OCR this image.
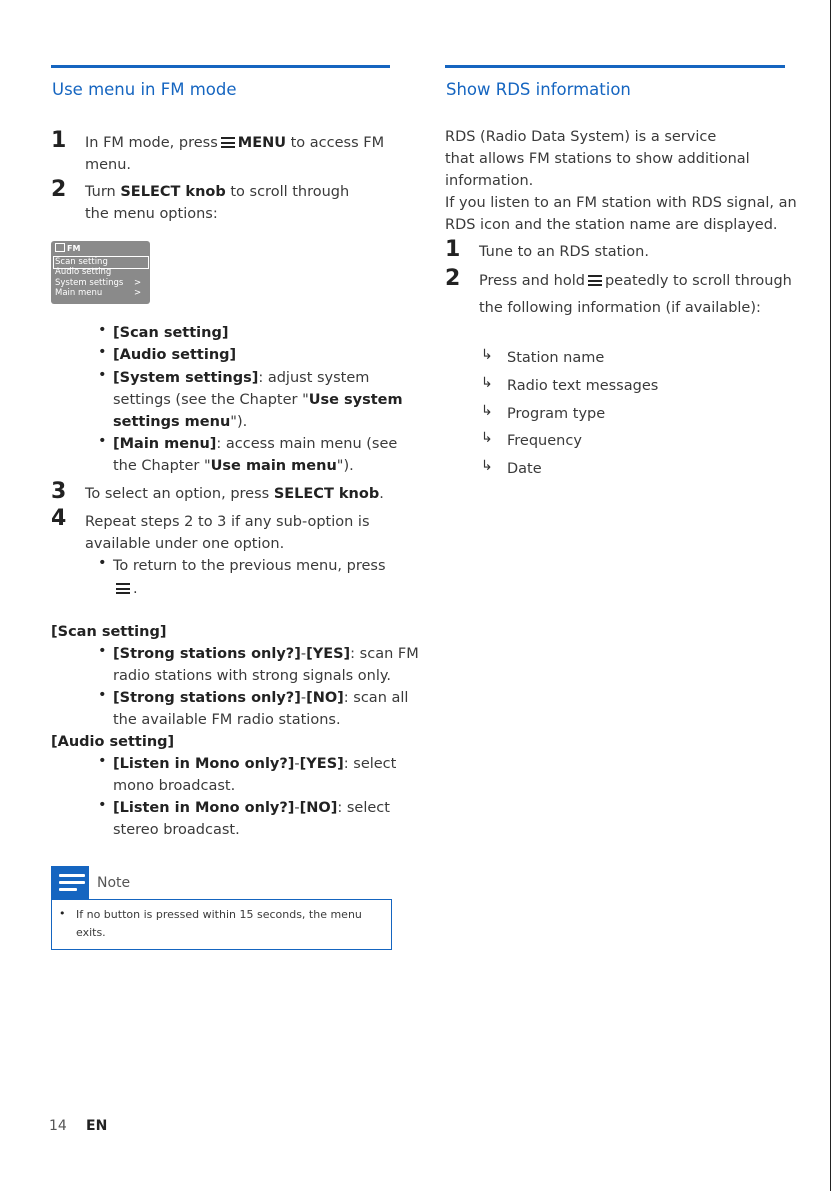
Use menu in FM mode
1 In FM mode, press MENU to access FM
menu.
2 Turn SELECT knob to scroll through
the menu options:
FM
Scan setting
Audio setting
System settings
Main menu
>
>
• [Scan setting]
• [Audio setting]
• [System settings]: adjust system
settings (see the Chapter "Use system
settings menu").
• [Main menu]: access main menu (see
the Chapter "Use main menu").
3 To select an option, press SELECT knob.
4 Repeat steps 2 to 3 if any sub-option is
available under one option.
• To return to the previous menu, press
.
[Scan setting]
• [Strong stations only?]-[YES]: scan FM
radio stations with strong signals only.
• [Strong stations only?]-[NO]: scan all
the available FM radio stations.
[Audio setting]
• [Listen in Mono only?]-[YES]: select
mono broadcast.
• [Listen in Mono only?]-[NO]: select
stereo broadcast.
Note
• If no button is pressed within 15 seconds, the menu
exits.
Show RDS information
RDS (Radio Data System) is a service
that allows FM stations to show additional
information.
If you listen to an FM station with RDS signal, an
RDS icon and the station name are displayed.
1 Tune to an RDS station.
2 Press and hold peatedly to scroll through
the following information (if available):
↳ Station name
↳ Radio text messages
↳ Program type
↳ Frequency
↳ Date
14 EN
